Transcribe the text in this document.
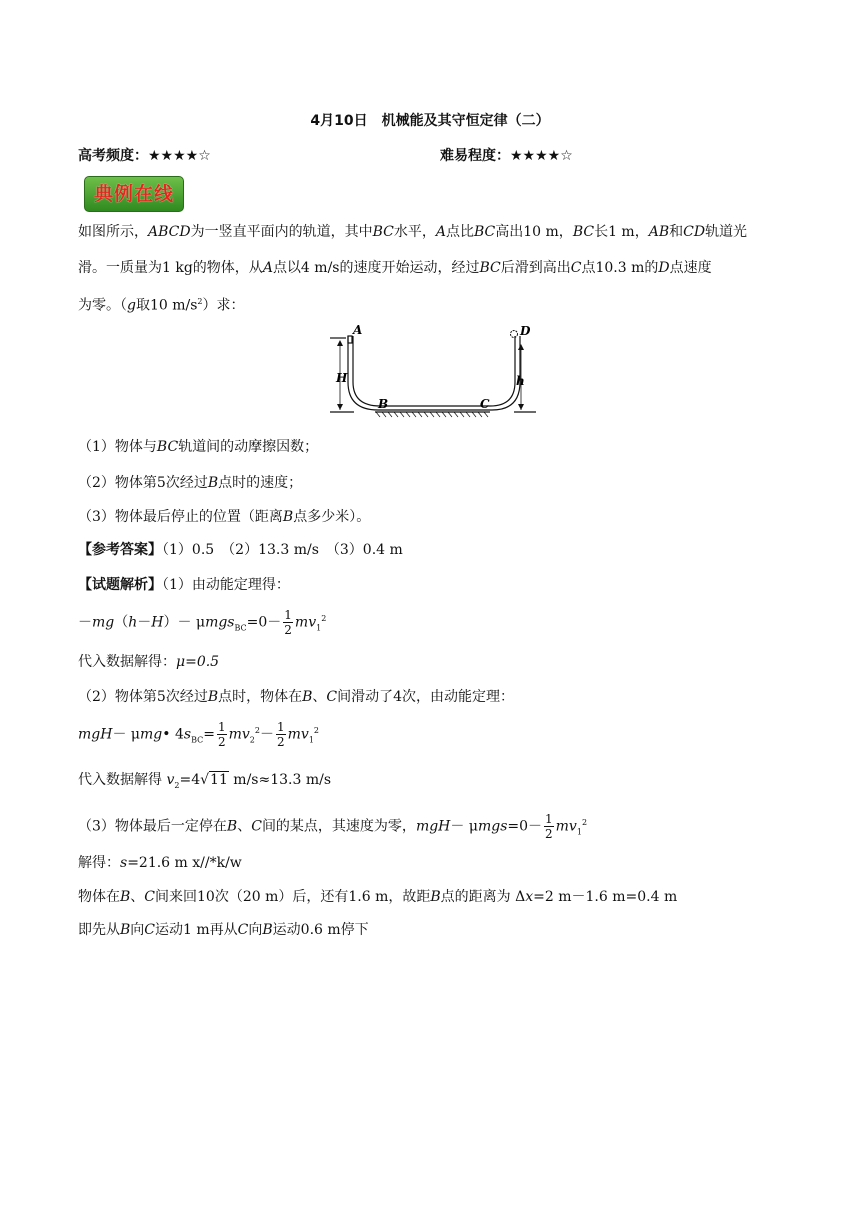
4月10日　机械能及其守恒定律（二）
高考频度：★★★★☆	难易程度：★★★★☆
典例在线
如图所示，ABCD为一竖直平面内的轨道，其中BC水平，A点比BC高出10 m，BC长1 m，AB和CD轨道光
滑。一质量为1 kg的物体，从A点以4 m/s的速度开始运动，经过BC后滑到高出C点10.3 m的D点速度
为零。（g取10 $m/s^2$）求：
A	D
H	h
B	C
（1）物体与BC轨道间的动摩擦因数；
（2）物体第5次经过B点时的速度；
（3）物体最后停止的位置（距离B点多少米）。
【参考答案】（1）0.5　（2）13.3 m/s　（3）0.4 m
【试题解析】（1）由动能定理得：
$-mg(h-H)- \mu mgs_{BC}=0- \frac{1}{2} mv_1^2$
代入数据解得：μ=0.5
（2）物体第5次经过B点时，物体在B、C间滑动了4次，由动能定理：
mgH－ μmg• $4s_{BC}= \frac{1}{2} mv_2^2- \frac{1}{2} mv_1^2$
代入数据解得 $v_2=4√11$ m/s≈13.3 m/s
（3）物体最后一定停在B、C间的某点，其速度为零，$mgH- \mu mgs=0- \frac{1}{2} mv_1^2$
解得：s=21.6 m x//*k/w
物体在B、C间来回10次（20 m）后，还有1.6 m，故距B点的距离为 Δx=2 m－1.6 m=0.4 m
即先从B向C运动1 m再从C向B运动0.6 m停下
